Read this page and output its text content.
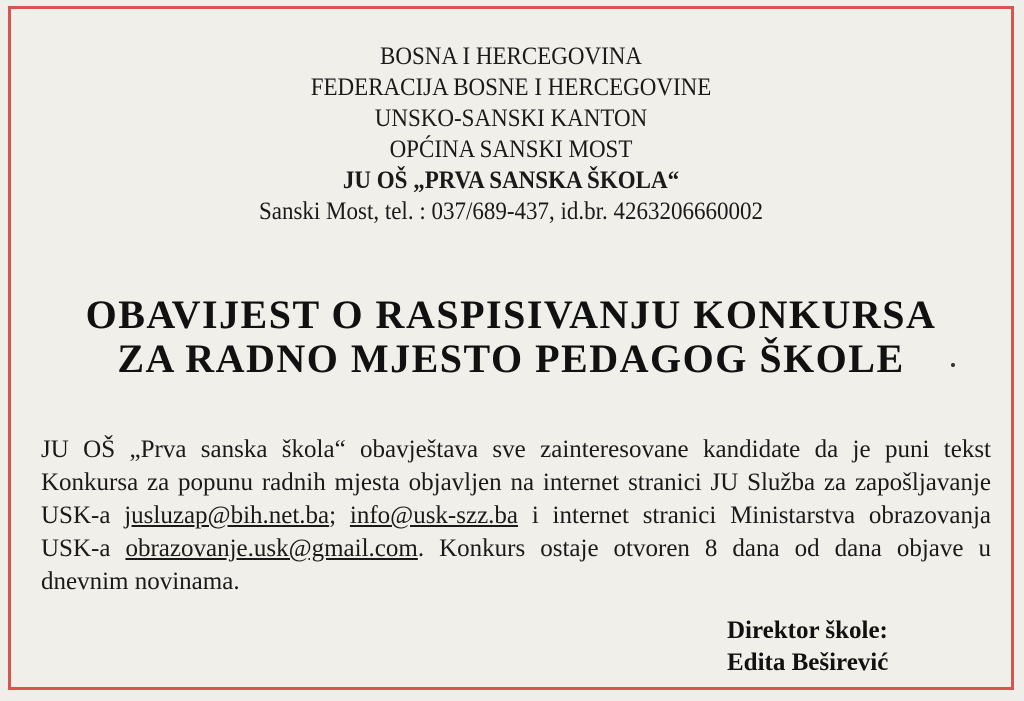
BOSNA I HERCEGOVINA
FEDERACIJA BOSNE I HERCEGOVINE
UNSKO-SANSKI KANTON
OPĆINA SANSKI MOST
JU OŠ „PRVA SANSKA ŠKOLA“
Sanski Most, tel. : 037/689-437, id.br. 4263206660002
OBAVIJEST O RASPISIVANJU KONKURSA
ZA RADNO MJESTO PEDAGOG ŠKOLE
JU OŠ „Prva sanska škola“ obavještava sve zainteresovane kandidate da je puni tekst Konkursa za popunu radnih mjesta objavljen na internet stranici JU Služba za zapošljavanje USK-a jusluzap@bih.net.ba; info@usk-szz.ba i internet stranici Ministarstva obrazovanja USK-a obrazovanje.usk@gmail.com. Konkurs ostaje otvoren 8 dana od dana objave u dnevnim novinama.
Direktor škole:
Edita Beširević
